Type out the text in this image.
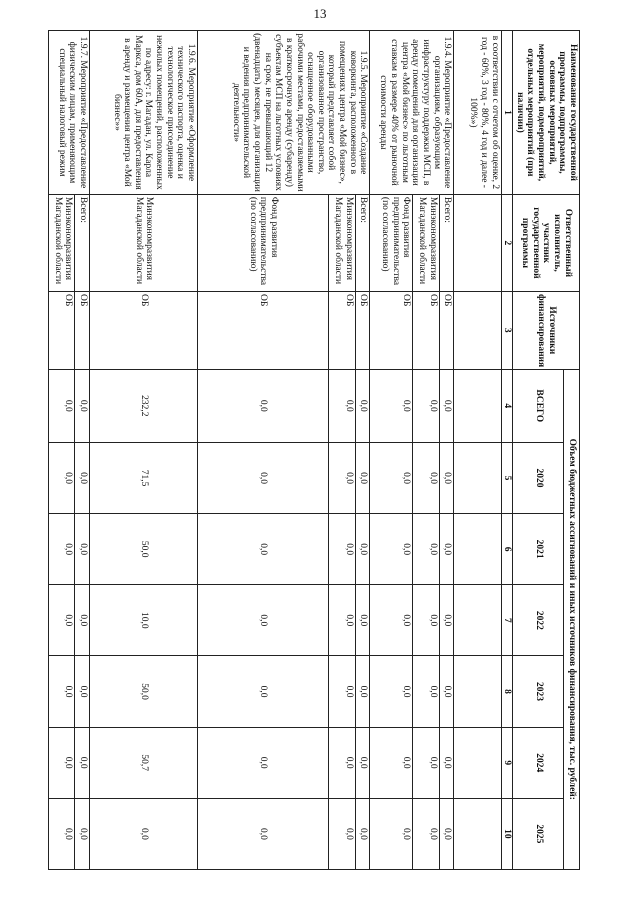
13
Наименование государственной программы, подпрограммы, основных мероприятий, мероприятий, подмероприятий, отдельных мероприятий (при наличии)	Ответственный исполнитель, участник государственной программы	Источники финансирования	Объем бюджетных ассигнований и иных источников финансирования, тыс. рублей:						
			ВСЕГО	2020	2021	2022	2023	2024	2025
1	2	3	4	5	6	7	8	9	10
в соответствии с отчетом об оценке, 2 год - 60%, 3 год - 80%, 4 год и далее - 100%»)									
1.9.4. Мероприятие «Предоставление организациям, образующим инфраструктуру поддержки МСП, в аренду помещений для организации центра «Мой бизнес» по льготным ставкам в размере 40% от рыночной стоимости аренды	Всего:	ОБ	0,0	0,0	0,0	0,0	0,0	0,0	0,0
	Минэкономразвития Магаданской области	ОБ	0,0	0,0	0,0	0,0	0,0	0,0	0,0
	Фонд развития предпринимательства (по согласованию)	ОБ	0,0	0,0	0,0	0,0	0,0	0,0	0,0
1.9.5. Мероприятие «Создание коворкинга, расположенного в помещениях центра «Мой бизнес», который представляет собой организованное пространство, оснащенное оборудованными рабочими местами, предоставляемыми в краткосрочную аренду (субаренду) субъектам МСП на льготных условиях на срок, не превышающий 12 (двенадцать) месяцев, для организации и ведения предпринимательской деятельности»	Всего:	ОБ	0,0	0,0	0,0	0,0	0,0	0,0	0,0
	Минэкономразвития Магаданской области	ОБ	0,0	0,0	0,0	0,0	0,0	0,0	0,0
	Фонд развития предпринимательства (по согласованию)	ОБ	0,0	0,0	0,0	0,0	0,0	0,0	0,0
1.9.6. Мероприятие «Оформление технического паспорта, оценка и технологическое присоединение нежилых помещений, расположенных по адресу: г. Магадан, ул. Карла Маркса, дом 60А, для предоставления в аренду и размещения центра «Мой бизнес»»	Минэкономразвития Магаданской области	ОБ	232,2	71,5	50,0	10,0	50,0	50,7	0,0
1.9.7. Мероприятие «Предоставление физическим лицам, применяющим специальный налоговый режим	Всего:	ОБ	0,0	0,0	0,0	0,0	0,0	0,0	0,0
	Минэкономразвития Магаданской области	ОБ	0,0	0,0	0,0	0,0	0,0	0,0	0,0
